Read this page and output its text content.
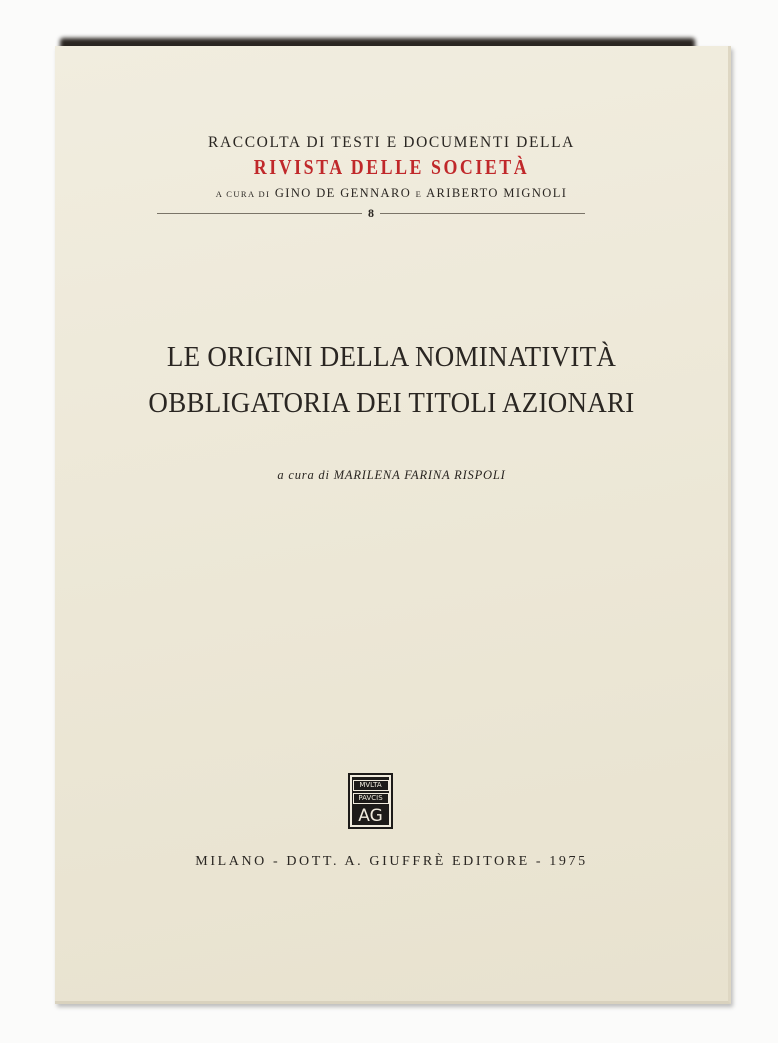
RACCOLTA DI TESTI E DOCUMENTI DELLA
RIVISTA DELLE SOCIETÀ
A CURA DI GINO DE GENNARO E ARIBERTO MIGNOLI
8
LE ORIGINI DELLA NOMINATIVITÀ
OBBLIGATORIA DEI TITOLI AZIONARI
a cura di MARILENA FARINA RISPOLI
MVLTA
PAVCIS
AG
MILANO - DOTT. A. GIUFFRÈ EDITORE - 1975
